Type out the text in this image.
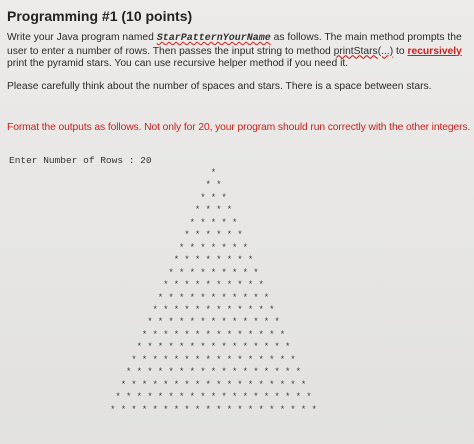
Programming #1 (10 points)
Write your Java program named StarPatternYourName as follows. The main method prompts the user to enter a number of rows. Then passes the input string to method printStars(...) to recursively print the pyramid stars. You can use recursive helper method if you need it.
Please carefully think about the number of spaces and stars. There is a space between stars.
Format the outputs as follows. Not only for 20, your program should run correctly with the other integers.
Enter Number of Rows : 20
*
* *
* * *
* * * *
* * * * *
* * * * * *
* * * * * * *
* * * * * * * *
* * * * * * * * *
* * * * * * * * * *
* * * * * * * * * * *
* * * * * * * * * * * *
* * * * * * * * * * * * *
* * * * * * * * * * * * * *
* * * * * * * * * * * * * * *
* * * * * * * * * * * * * * * *
* * * * * * * * * * * * * * * * *
* * * * * * * * * * * * * * * * * *
* * * * * * * * * * * * * * * * * * *
* * * * * * * * * * * * * * * * * * * *
